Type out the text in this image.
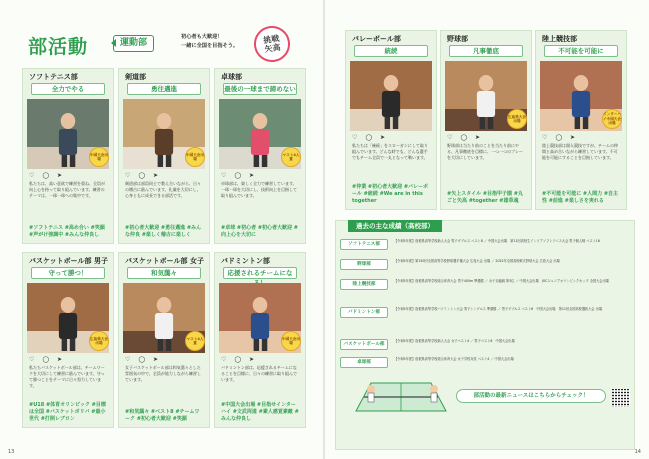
部活動	運動部
初心者も大歓迎！
一緒に全国を目指そう。
挑戦
矢高
ソフトテニス部
全力でやる
♡ ◯ ➤
私たちは、高い意欲で練習を重ね、全員が向上心を持って取り組んでいます。練習のテーマは、一球一球への集中です。
#ソフトテニス #高め合い #笑顔 #声がけ強調中 #みんな仲良し
中国大会出場
剣道部
勇往邁進
♡ ◯ ➤
剣道部は部員同士で教え合いながら、日々の稽古に励んでいます。礼儀を大切にし、心身ともに成長できる部活です。
#初心者大歓迎 #勇往邁進 #みんな仲良 #楽しく稽古に楽しく
中国大会出場
卓球部
最後の一球まで諦めない
♡ ◯ ➤
卓球部は、楽しく全力で練習しています。一球一球を大切にし、技術向上を目指して取り組んでいます。
#卓球 #初心者 #初心者大歓迎 #向上心を大切に
マスト4入賞
バスケットボール部 男子
守って勝つ！
♡ ◯ ➤
私たちバスケットボール部は、チームワークを大切にして練習に励んでいます。守って勝つことをテーマに日々努力しています。
#U18 #体育オリンピック #目標は全国 #バスケットボリバ #最小世代 #打倒レブロン
広島県大会出場
バスケットボール部 女子
和気藹々
♡ ◯ ➤
女子バスケットボール部は和気藹々とした雰囲気の中で、全員が協力しながら練習しています。
#和気藹々 #ベスト8 #チームワーク #初心者大歓迎 #笑顔
マスト4入賞
バドミントン部
応援されるチームにな
♡ ◯ ➤
バドミントン部は、応援されるチームになることを目標に、日々の練習に取り組んでいます。
#中国大会出場 #目指せインターハイ #文武両道 #素人感覚素敵 #みんな仲良し
中国大会出場
13
バレーボール部
統続
♡ ◯ ➤
私たちは「統続」をスローガンにして取り組んでいます。どんな時でも、どんな選手でもチーム全員で一丸となって戦います。
#仲業 #初心者大歓迎 #バレーボール #統続 #We are in this together
野球部
凡事徹底
♡ ◯ ➤
野球部は当たり前のことを当たり前にやる、凡事徹底を目標に、一つ一つのプレーを大切にしています。
#矢上スタイル #目指甲子園 #丸ごと矢高 #together #雄草魂
広島県大会出場
陸上競技部
不可能を可能に
♡ ◯ ➤
陸上競技部は個人競技ですが、チームの仲間と高め合いながら練習しています。不可能を可能にすることを目指しています。
#不可能を可能に #人間力 #自主性 #前進 #楽しさを実れる
インターハイ中国大会出場
過去の主な成績（高校部）
ソフトテニス部
【令和5年度】島根県高等学校新人大会 男子ダブルス ベスト8 ／ 中国大会出場　第11回高校生インドアソフトテニス大会 男子個人戦 ベスト16
野球部
【令和5年度】第150回全国高等学校野球選手権大会 広島大会 出場 ／ 2022年全国高校軟式野球大会 広島大会 出場
陸上競技部
【令和5年度】島根県高等学校総合体育大会 男子400m 準優勝 ／ 女子走幅跳 第3位 ／ 中国大会出場　JOCジュニアオリンピックカップ 全国大会出場
バドミントン部
【令和5年度】島根県高等学校バドミントン大会 男子シングルス 準優勝 ／ 男子ダブルス ベスト8　中国大会出場　第11回全国高校選抜大会 出場
バスケットボール部
【令和5年度】島根県高等学校新人大会 女子ベスト4 ／ 男子ベスト8　中国大会出場
卓球部
【令和5年度】島根県高等学校総合体育大会 女子学校対抗 ベスト4 ／ 中国大会出場
部活動の最新ニュースはこちらからチェック！
14
